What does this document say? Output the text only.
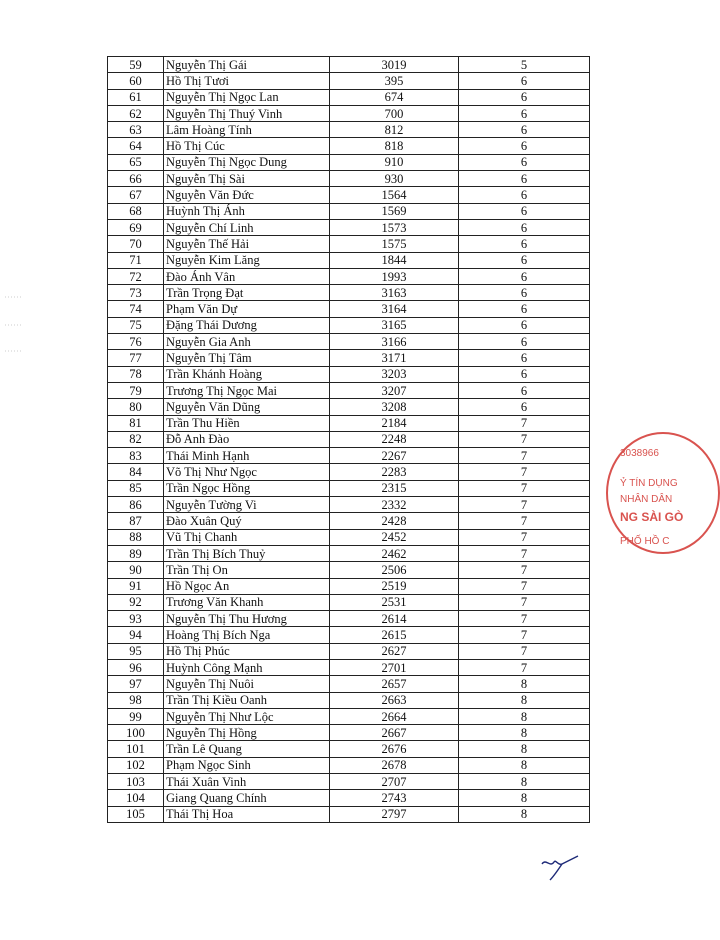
59	Nguyễn Thị Gái	3019	5
60	Hồ Thị Tươi	395	6
61	Nguyễn Thị Ngọc Lan	674	6
62	Nguyễn Thị Thuý Vinh	700	6
63	Lâm Hoàng Tính	812	6
64	Hồ Thị Cúc	818	6
65	Nguyễn Thị Ngọc Dung	910	6
66	Nguyễn Thị Sài	930	6
67	Nguyễn Văn Đức	1564	6
68	Huỳnh Thị Ánh	1569	6
69	Nguyễn Chí Linh	1573	6
70	Nguyễn Thế Hải	1575	6
71	Nguyễn Kim Lăng	1844	6
72	Đào Ánh Vân	1993	6
73	Trần Trọng Đạt	3163	6
74	Phạm Văn Dự	3164	6
75	Đặng Thái Dương	3165	6
76	Nguyễn Gia Anh	3166	6
77	Nguyễn Thị Tâm	3171	6
78	Trần Khánh Hoàng	3203	6
79	Trương Thị Ngọc Mai	3207	6
80	Nguyễn Văn Dũng	3208	6
81	Trần Thu Hiền	2184	7
82	Đỗ Anh Đào	2248	7
83	Thái Minh Hạnh	2267	7
84	Võ Thị Như Ngọc	2283	7
85	Trần Ngọc Hồng	2315	7
86	Nguyễn Tường Vi	2332	7
87	Đào Xuân Quý	2428	7
88	Vũ Thị Chanh	2452	7
89	Trần Thị Bích Thuỷ	2462	7
90	Trần Thị On	2506	7
91	Hồ Ngọc An	2519	7
92	Trương Văn Khanh	2531	7
93	Nguyễn Thị Thu Hương	2614	7
94	Hoàng Thị Bích Nga	2615	7
95	Hồ Thị Phúc	2627	7
96	Huỳnh Công Mạnh	2701	7
97	Nguyễn Thị Nuôi	2657	8
98	Trần Thị Kiều Oanh	2663	8
99	Nguyễn Thị Như Lộc	2664	8
100	Nguyễn Thị Hồng	2667	8
101	Trần Lê Quang	2676	8
102	Phạm Ngọc Sinh	2678	8
103	Thái Xuân Vinh	2707	8
104	Giang Quang Chính	2743	8
105	Thái Thị Hoa	2797	8
3038966
Ỷ TÍN DỤNG
NHÂN DÂN
NG SÀI GÒ
PHỐ HỒ C
